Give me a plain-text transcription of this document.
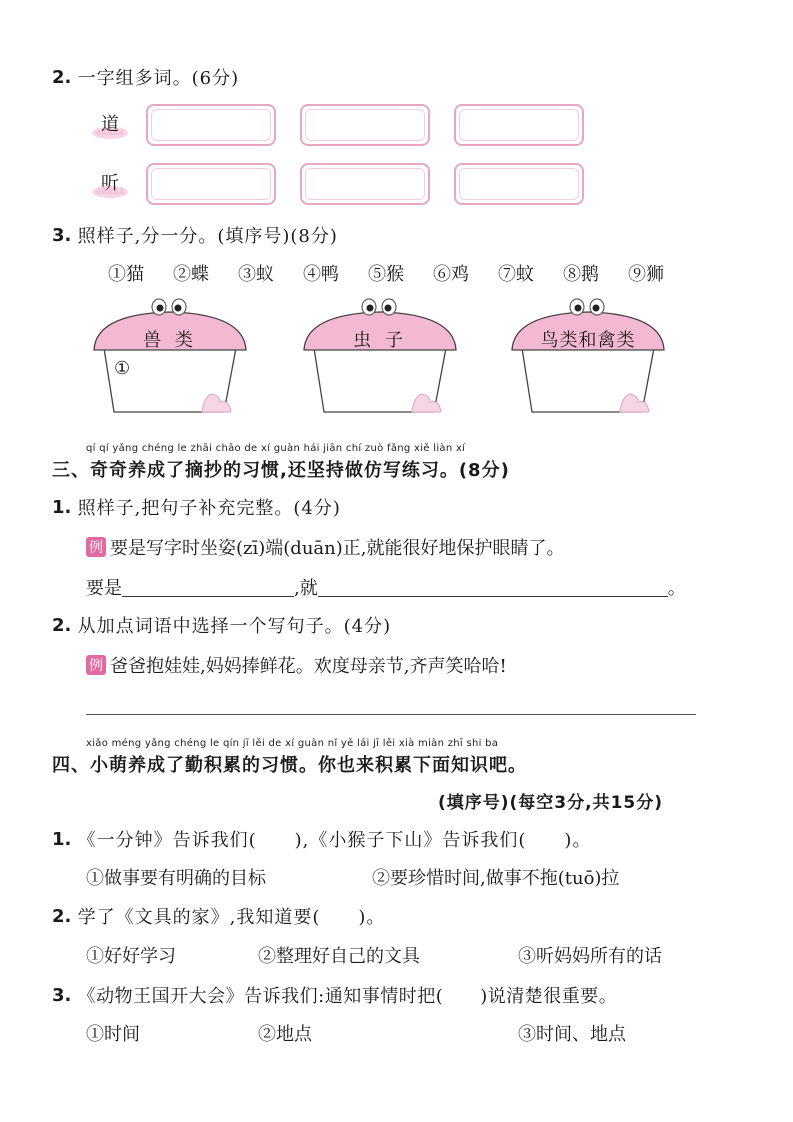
2 . 一字组多词。(6分)
道
听
3 . 照样子,分一分。(填序号)(8分)
①猫	②蝶	③蚁	④鸭	⑤猴	⑥鸡	⑦蚊	⑧鹅	⑨狮
兽 类
①
虫 子	鸟类和禽类
qí qí yǎng chéng le zhāi chāo de xí guàn hái jiān chí zuò fǎng xiě liàn xí
三、奇奇养成了摘抄的习惯,还坚持做仿写练习。(8分)
1 . 照样子,把句子补充完整。(4分)
例 要是写字时坐姿(zī)端(duān)正,就能很好地保护眼睛了。
要是	,就	。
2 . 从加点词语中选择一个写句子。(4分)
例 爸爸抱娃娃,妈妈捧鲜花。欢度母亲节,齐声笑哈哈!
xiǎo méng yǎng chéng le qín jī lěi de xí guàn nǐ yě lái jī lěi xià miàn zhī shi ba
四、小萌养成了勤积累的习惯。你也来积累下面知识吧。
(填序号)(每空3分,共15分)
1 . 《一分钟》告诉我们(　　),《小猴子下山》告诉我们(　　)。
①做事要有明确的目标	②要珍惜时间,做事不拖(tuō)拉
2 . 学了《文具的家》,我知道要(　　)。
①好好学习	②整理好自己的文具	③听妈妈所有的话
3 . 《动物王国开大会》告诉我们:通知事情时把(　　)说清楚很重要。
①时间	②地点	③时间、地点
